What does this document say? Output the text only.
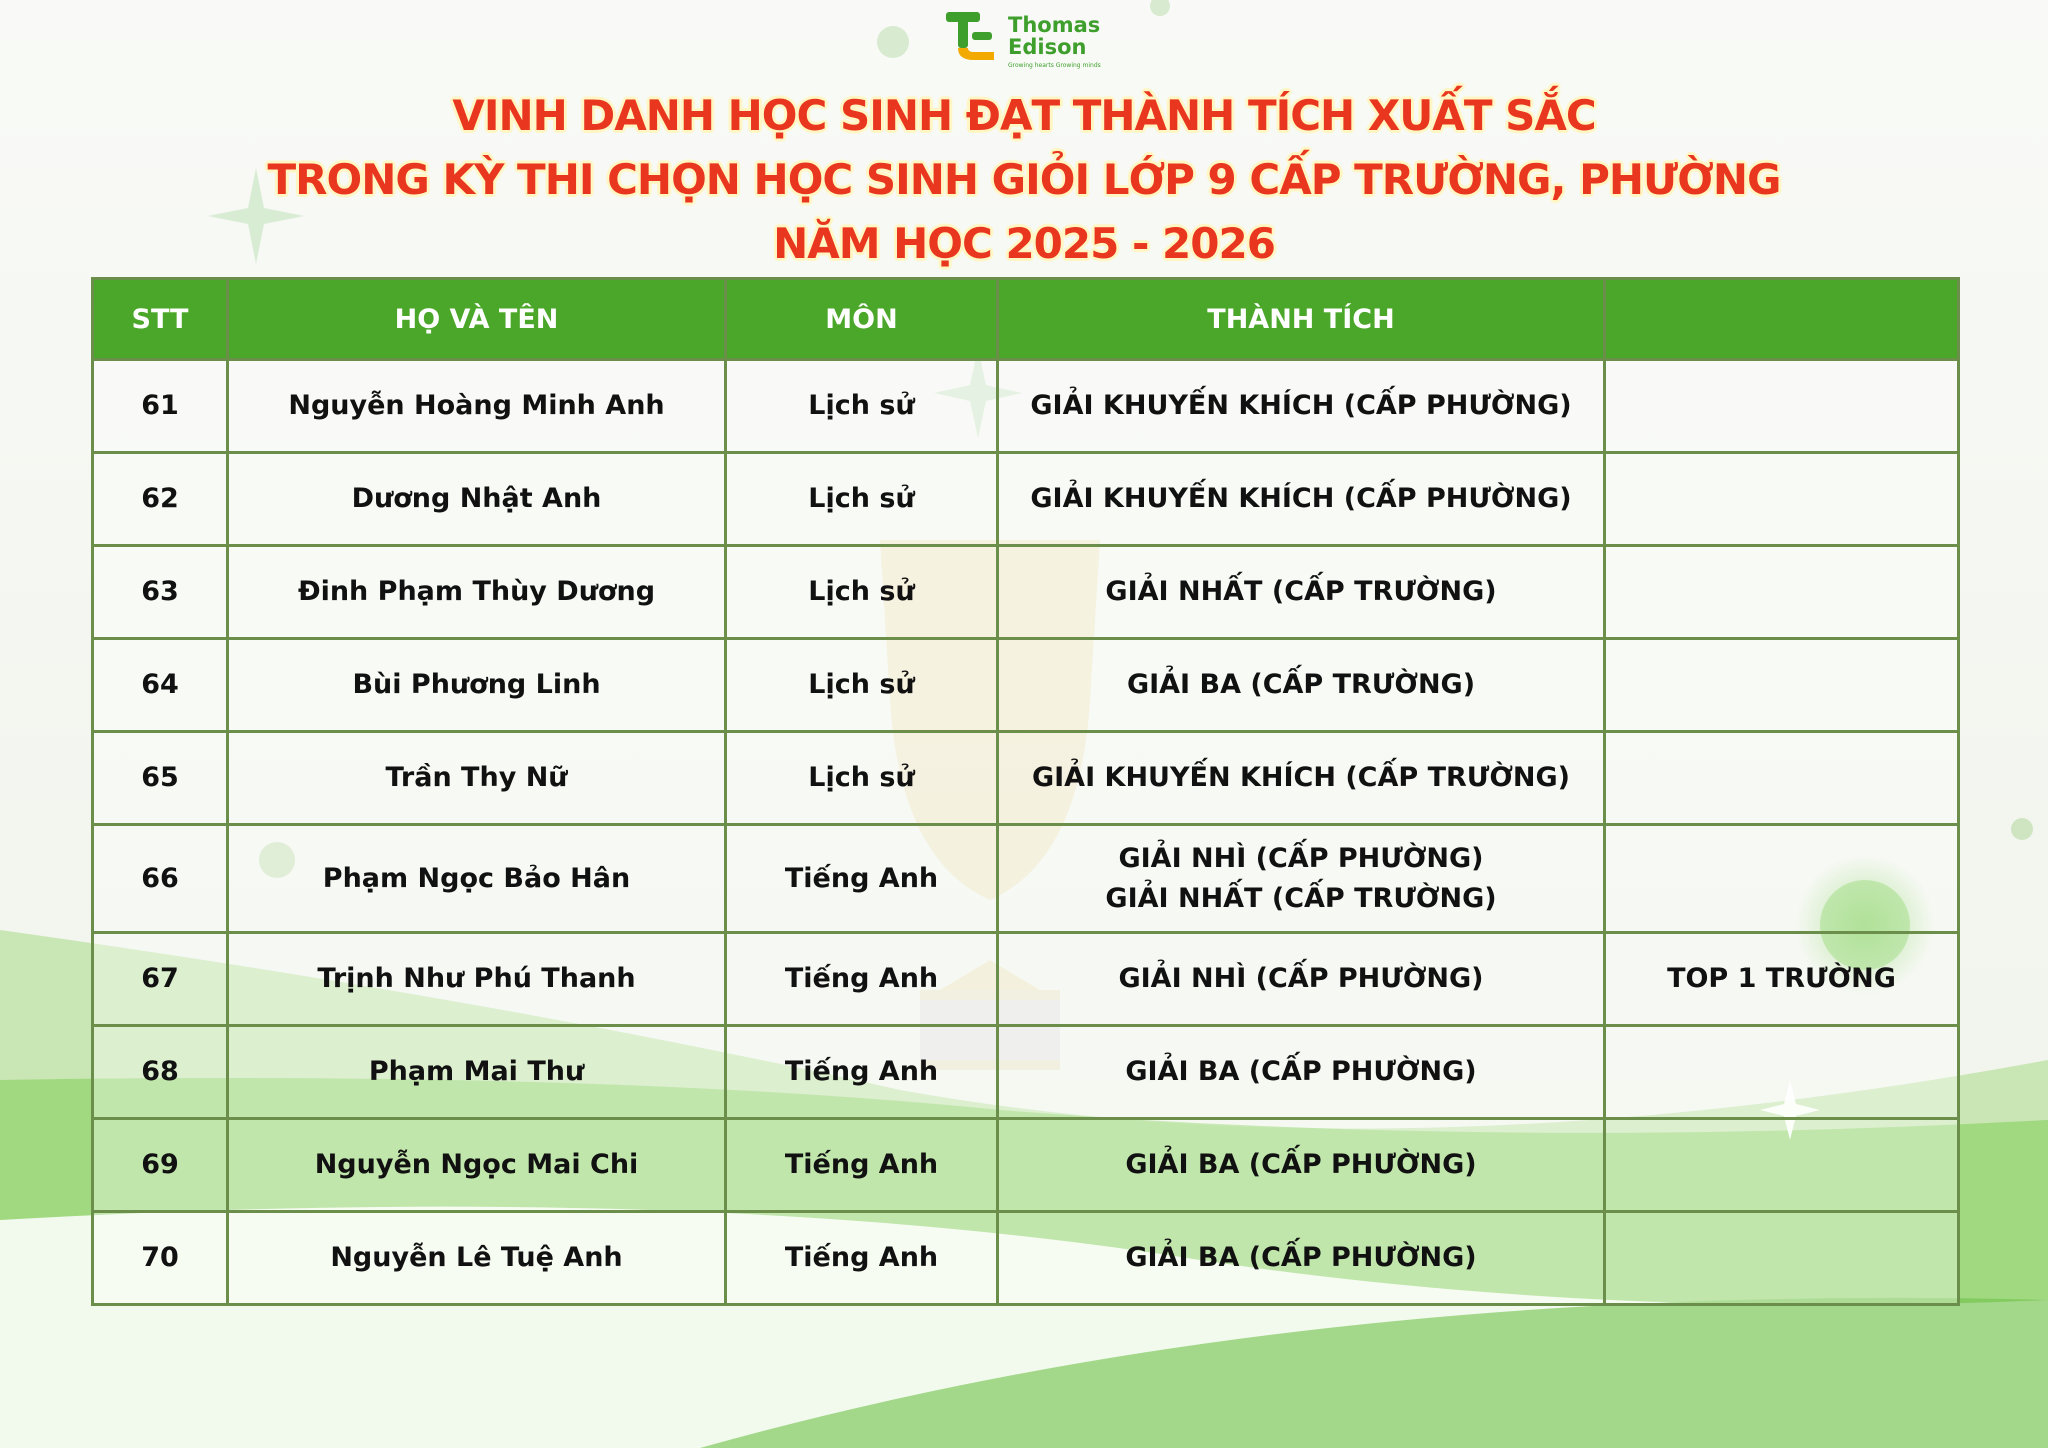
Thomas
Edison
Growing hearts Growing minds
VINH DANH HỌC SINH ĐẠT THÀNH TÍCH XUẤT SẮC
TRONG KỲ THI CHỌN HỌC SINH GIỎI LỚP 9 CẤP TRƯỜNG, PHƯỜNG
NĂM HỌC 2025 - 2026
STT	HỌ VÀ TÊN	MÔN	THÀNH TÍCH	
61	Nguyễn Hoàng Minh Anh	Lịch sử	GIẢI KHUYẾN KHÍCH (CẤP PHƯỜNG)	

62	Dương Nhật Anh	Lịch sử	GIẢI KHUYẾN KHÍCH (CẤP PHƯỜNG)	

63	Đinh Phạm Thùy Dương	Lịch sử	GIẢI NHẤT (CẤP TRƯỜNG)	

64	Bùi Phương Linh	Lịch sử	GIẢI BA (CẤP TRƯỜNG)	

65	Trần Thy Nữ	Lịch sử	GIẢI KHUYẾN KHÍCH (CẤP TRƯỜNG)	

66	Phạm Ngọc Bảo Hân	Tiếng Anh	GIẢI NHÌ (CẤP PHƯỜNG)
GIẢI NHẤT (CẤP TRƯỜNG)	

67	Trịnh Như Phú Thanh	Tiếng Anh	GIẢI NHÌ (CẤP PHƯỜNG)	TOP 1 TRƯỜNG
68	Phạm Mai Thư	Tiếng Anh	GIẢI BA (CẤP PHƯỜNG)	

69	Nguyễn Ngọc Mai Chi	Tiếng Anh	GIẢI BA (CẤP PHƯỜNG)	

70	Nguyễn Lê Tuệ Anh	Tiếng Anh	GIẢI BA (CẤP PHƯỜNG)	
